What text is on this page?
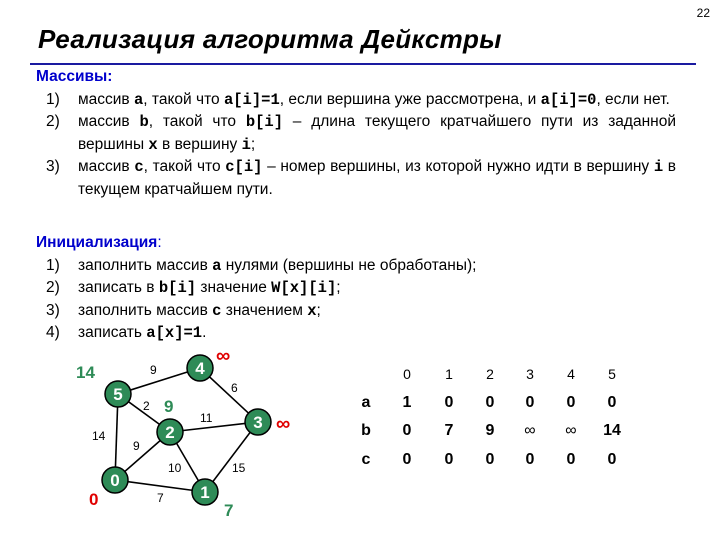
22
Реализация алгоритма Дейкстры
Массивы:
1) массив a, такой что a[i]=1, если вершина уже рассмотрена, и a[i]=0, если нет.
2) массив b, такой что b[i] – длина текущего кратчайшего пути из заданной вершины x в вершину i;
3) массив c, такой что c[i] – номер вершины, из которой нужно идти в вершину i в текущем кратчайшем пути.
Инициализация:
1) заполнить массив a нулями (вершины не обработаны);
2) записать в b[i] значение W[x][i];
3) заполнить массив c значением x;
4) записать a[x]=1.
9
6
2
14
9
11
10	15
7
5
4
2
3
0
1
14
∞
9
∞
0
7
0 1 2 3 4 5
a
b
c
1 0 0 0 0 0
0 7 9 ∞ ∞ 14
0 0 0 0 0 0
